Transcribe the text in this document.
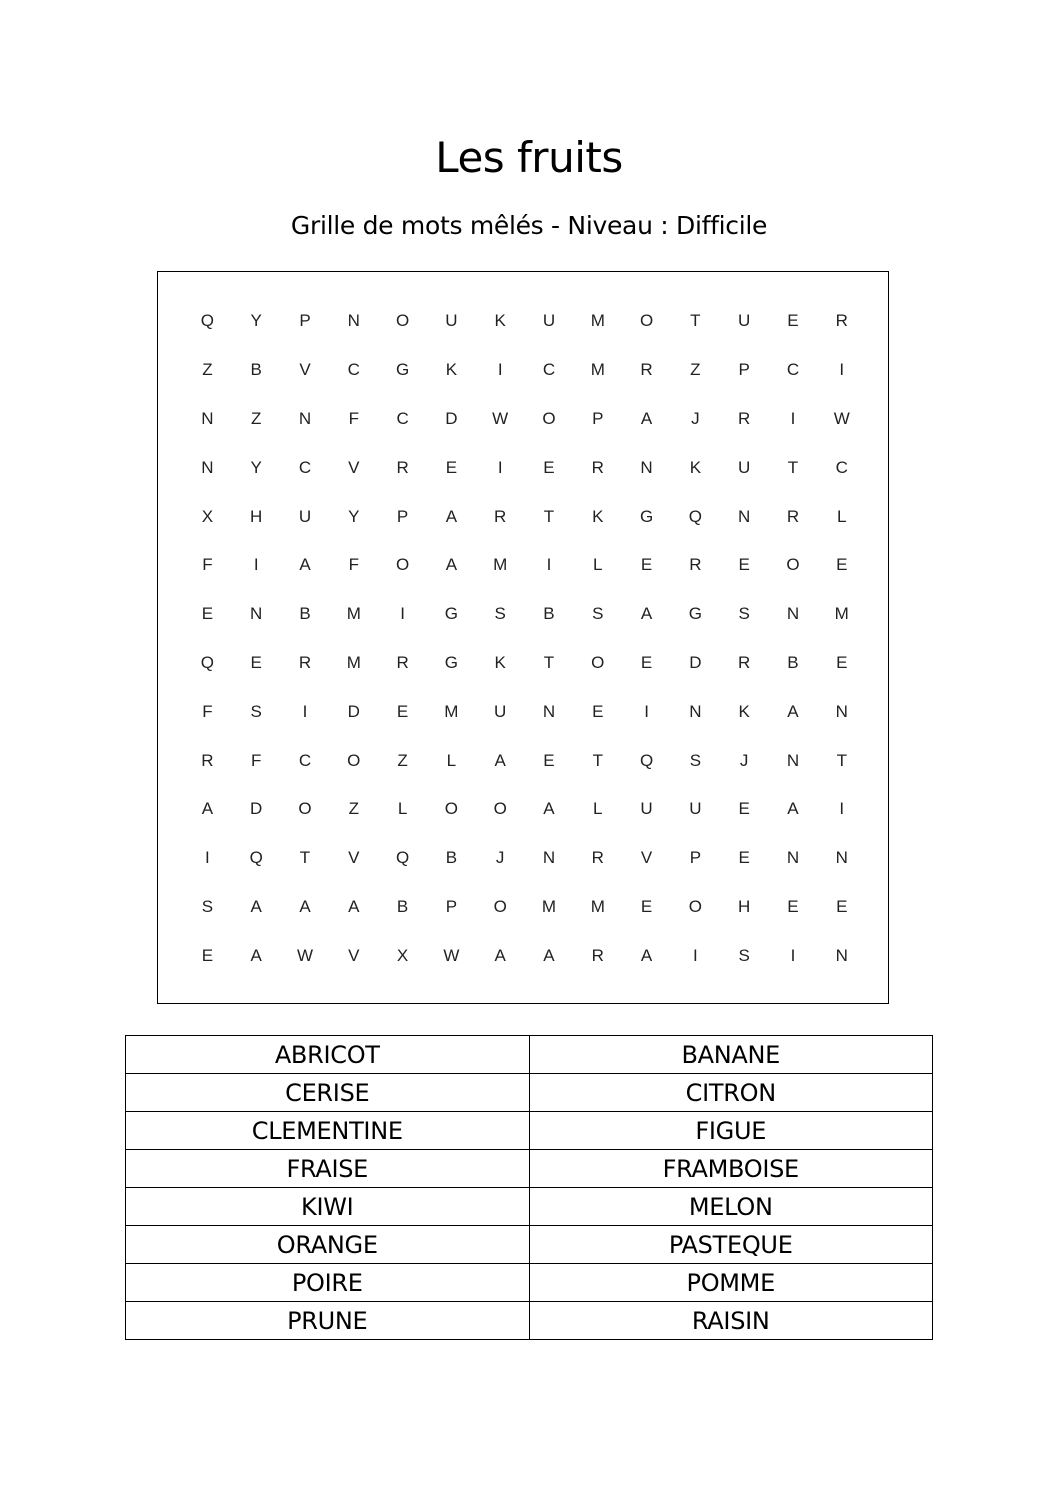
Les fruits
Grille de mots mêlés - Niveau : Difficile
Q	Y	P	N	O	U	K	U	M	O	T	U	E	R
Z	B	V	C	G	K	I	C	M	R	Z	P	C	I
N	Z	N	F	C	D	W	O	P	A	J	R	I	W
N	Y	C	V	R	E	I	E	R	N	K	U	T	C
X	H	U	Y	P	A	R	T	K	G	Q	N	R	L
F	I	A	F	O	A	M	I	L	E	R	E	O	E
E	N	B	M	I	G	S	B	S	A	G	S	N	M
Q	E	R	M	R	G	K	T	O	E	D	R	B	E
F	S	I	D	E	M	U	N	E	I	N	K	A	N
R	F	C	O	Z	L	A	E	T	Q	S	J	N	T
A	D	O	Z	L	O	O	A	L	U	U	E	A	I
I	Q	T	V	Q	B	J	N	R	V	P	E	N	N
S	A	A	A	B	P	O	M	M	E	O	H	E	E
E	A	W	V	X	W	A	A	R	A	I	S	I	N
ABRICOT	BANANE
CERISE	CITRON
CLEMENTINE	FIGUE
FRAISE	FRAMBOISE
KIWI	MELON
ORANGE	PASTEQUE
POIRE	POMME
PRUNE	RAISIN
